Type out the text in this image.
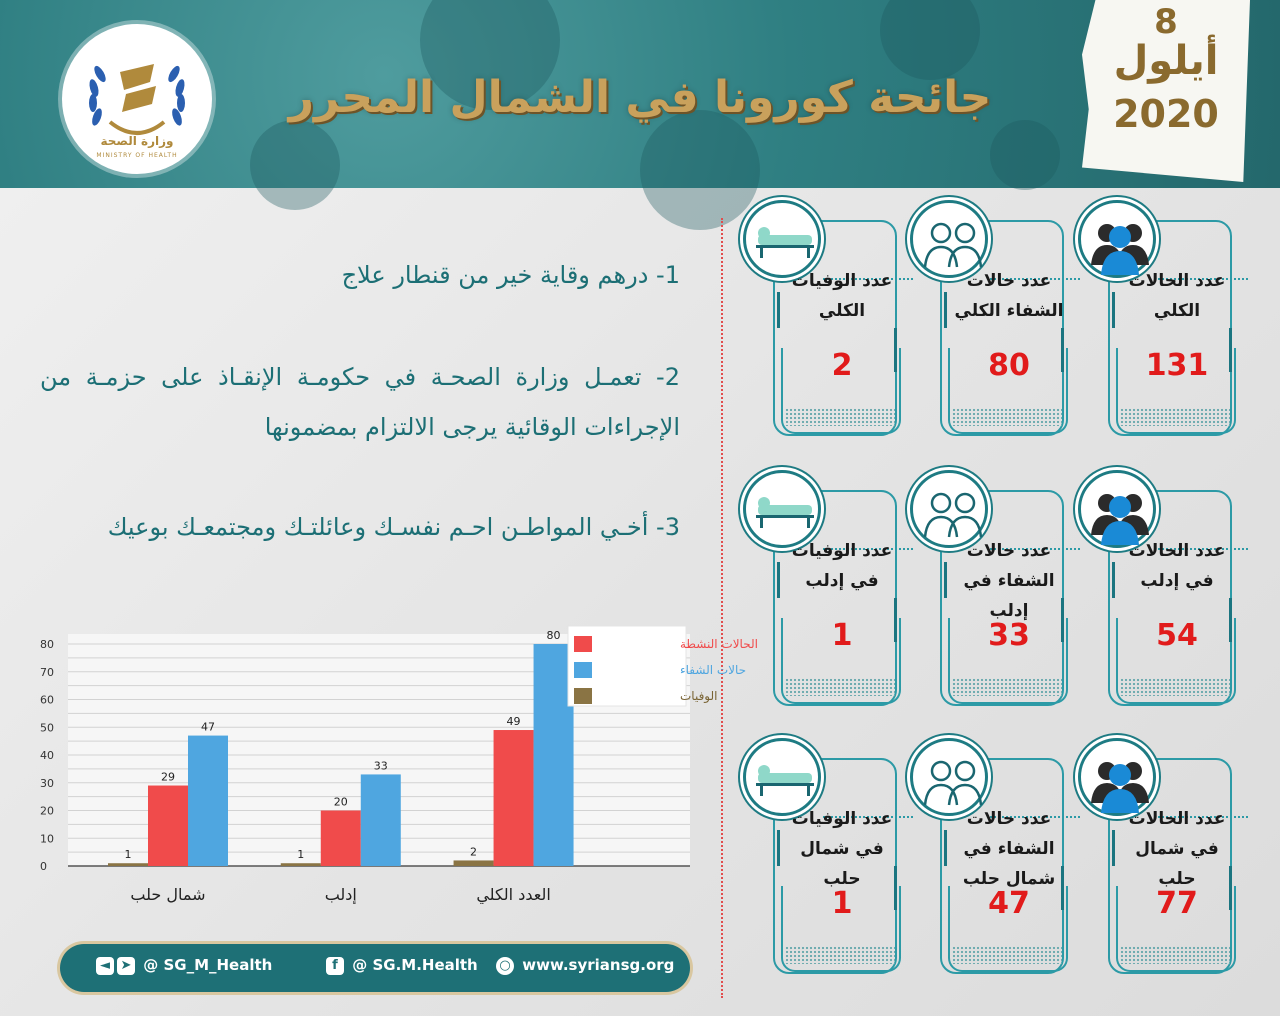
وزارة الصحة
MINISTRY OF HEALTH
جائحة كورونا في الشمال المحرر
8
أيلول
2020
1- درهم وقاية خير من قنطار علاج
2- تعمـل وزارة الصحـة في حكومـة الإنقـاذ على حزمـة من الإجراءات الوقائية يرجى الالتزام بمضمونها
3- أخـي المواطـن احـم نفسـك وعائلتـك ومجتمعـك بوعيك
عدد الحالات الكلي
131
عدد حالات الشفاء الكلي
80
عدد الوفيات الكلي
2
عدد الحالات في إدلب
54
عدد حالات الشفاء في إدلب
33
عدد الوفيات في إدلب
1
عدد الحالات في شمال حلب
77
عدد حالات الشفاء في شمال حلب
47
عدد الوفيات في شمال حلب
1
0
10
20
30
40
50
60
70
80
1
29
47
شمال حلب
1
20
33
إدلب
2
49
80
العدد الكلي
الحالات النشطة
حالات الشفاء
الوفيات
◄ ➤ @ SG_M_Health	f @ SG.M.Health ○ www.syriansg.org
